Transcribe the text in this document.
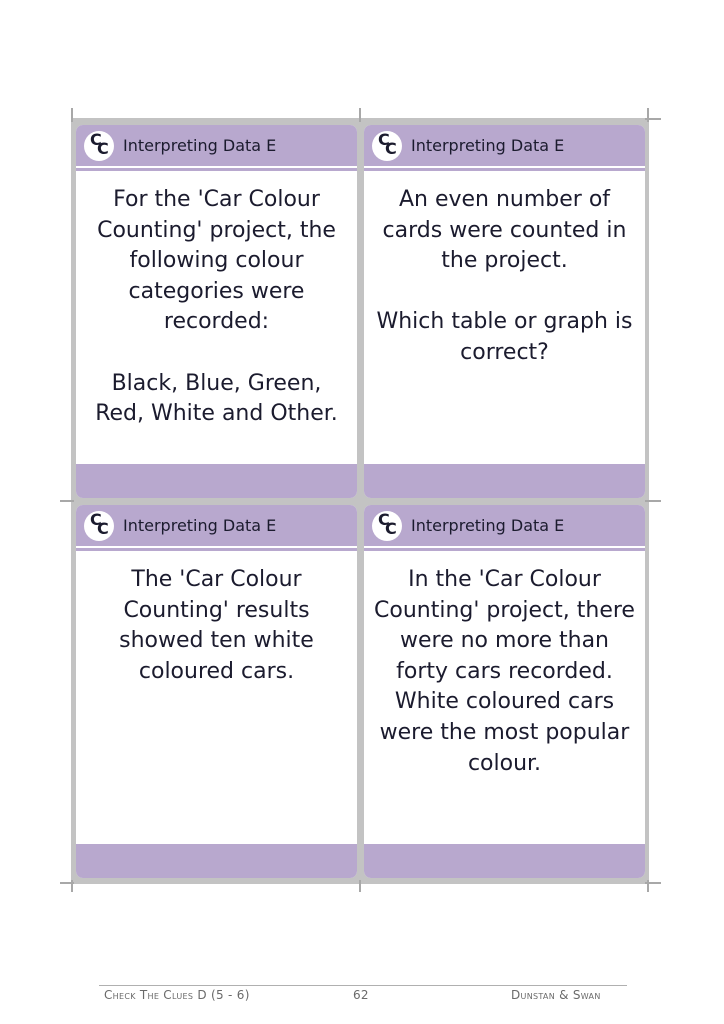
C
C Interpreting Data E

For the 'Car Colour Counting' project, the following colour categories were recorded:

Black, Blue, Green, Red, White and Other.

C
C Interpreting Data E

An even number of cards were counted in the project.

Which table or graph is correct?

C
C Interpreting Data E

The 'Car Colour Counting' results showed ten white coloured cars.

C
C Interpreting Data E

In the 'Car Colour Counting' project, there were no more than forty cars recorded.

White coloured cars were the most popular colour.

Check The Clues D (5 - 6)	62	Dunstan & Swan
